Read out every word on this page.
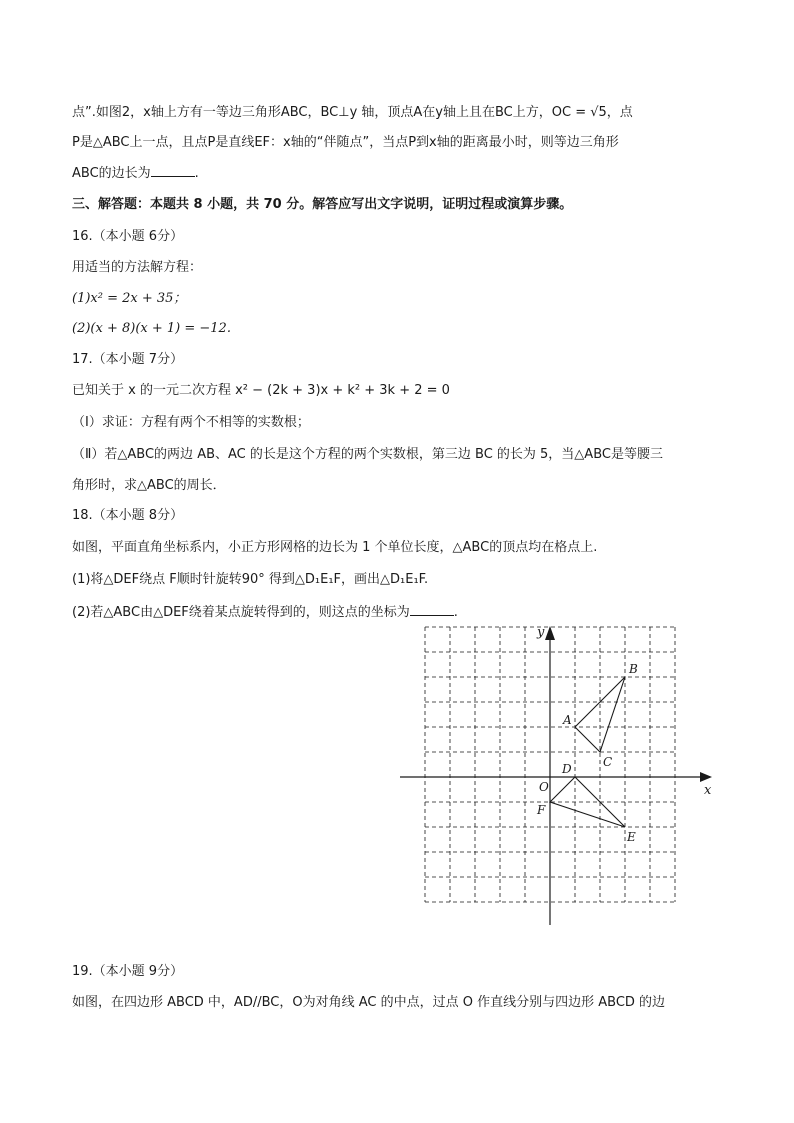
点”.如图2，x轴上方有一等边三角形ABC，BC⊥y 轴，顶点A在y轴上且在BC上方，OC = √5，点
P是△ABC上一点，且点P是直线EF：x轴的“伴随点”，当点P到x轴的距离最小时，则等边三角形
ABC的边长为	.
三、解答题：本题共 8 小题，共 70 分。解答应写出文字说明，证明过程或演算步骤。
16.（本小题 6分）
用适当的方法解方程：
(1)x² = 2x + 35；
(2)(x + 8)(x + 1) = −12.
17.（本小题 7分）
已知关于 x 的一元二次方程 x² − (2k + 3)x + k² + 3k + 2 = 0
（Ⅰ）求证：方程有两个不相等的实数根；
（Ⅱ）若△ABC的两边 AB、AC 的长是这个方程的两个实数根，第三边 BC 的长为 5，当△ABC是等腰三
角形时，求△ABC的周长．
18.（本小题 8分）
如图，平面直角坐标系内，小正方形网格的边长为 1 个单位长度，△ABC的顶点均在格点上.
(1)将△DEF绕点 F顺时针旋转90° 得到△D₁E₁F，画出△D₁E₁F.
(2)若△ABC由△DEF绕着某点旋转得到的，则这点的坐标为	.
x
y
O
A
B
C
D
E
F
19.（本小题 9分）
如图，在四边形 ABCD 中，AD//BC，O为对角线 AC 的中点，过点 O 作直线分别与四边形 ABCD 的边
